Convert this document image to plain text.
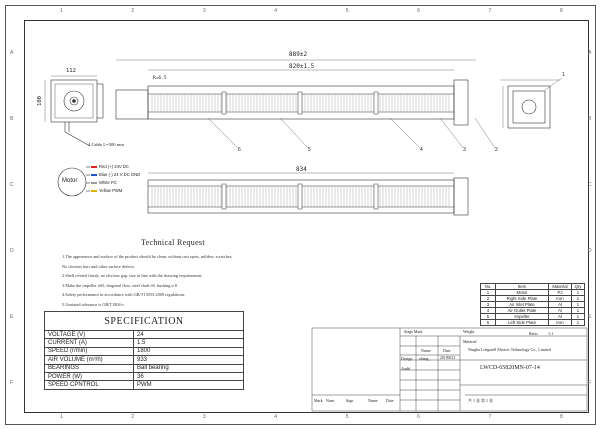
1
1
2
2
3
3
4
4
5
5
6
6
7
7
8
8
A	A
B	B
C	C
D	D
E	E
F	F
889±2
820±1.5
112
100
834
4 Cable L=500 mm
R=6.5
6	5	4	3	2
1
Motor
Red (+) 24V DC
Blue (-) 24 V DC GND
White FG
Yellow PWM
Technical Request
1.The appearance and surface of the product should be clean, without rust spots, mildew, scratches,
No obvious burr and other surface defects.
2.Shell riveted firmly, no obvious gap, size in line with the drawing requirements.
3.Make the impeller ö65, diagonal flow, steel shaft ö8, bushing ø 8
4.Safety performance in accordance with GB/T13953-2008 regulations.
5.Unstated tolerance is GB/T1804-c.
SPECIFICATION	
VOLTAGE (V)	24
CURRENT (A)	1.5
SPEED (r/min)	1800
AIR VOLUME (m³/h)	933
BEARINGS	Ball bearing
POWER (W)	36
SPEED CPNTROL	PWM
No.	Item	Material	Qty
1	Motor	PJ	1
2	Right Side Plate	Iron	1
3	Air Inlet Plate	Al	1
4	Air Outlet Plate	Al	1
5	Impeller	Al	1
6	Left Side Plate	Iron	1
Stage Mark	Weight	Ratio	1:1
Material
Name	Date
Design zhang	20190612
Audit
Ningbo Longwell Electric Technology Co., Limited
LWCD-65820MN-07-14
共 1 张 第 1 张
Mark Num	Sign	Name Date
